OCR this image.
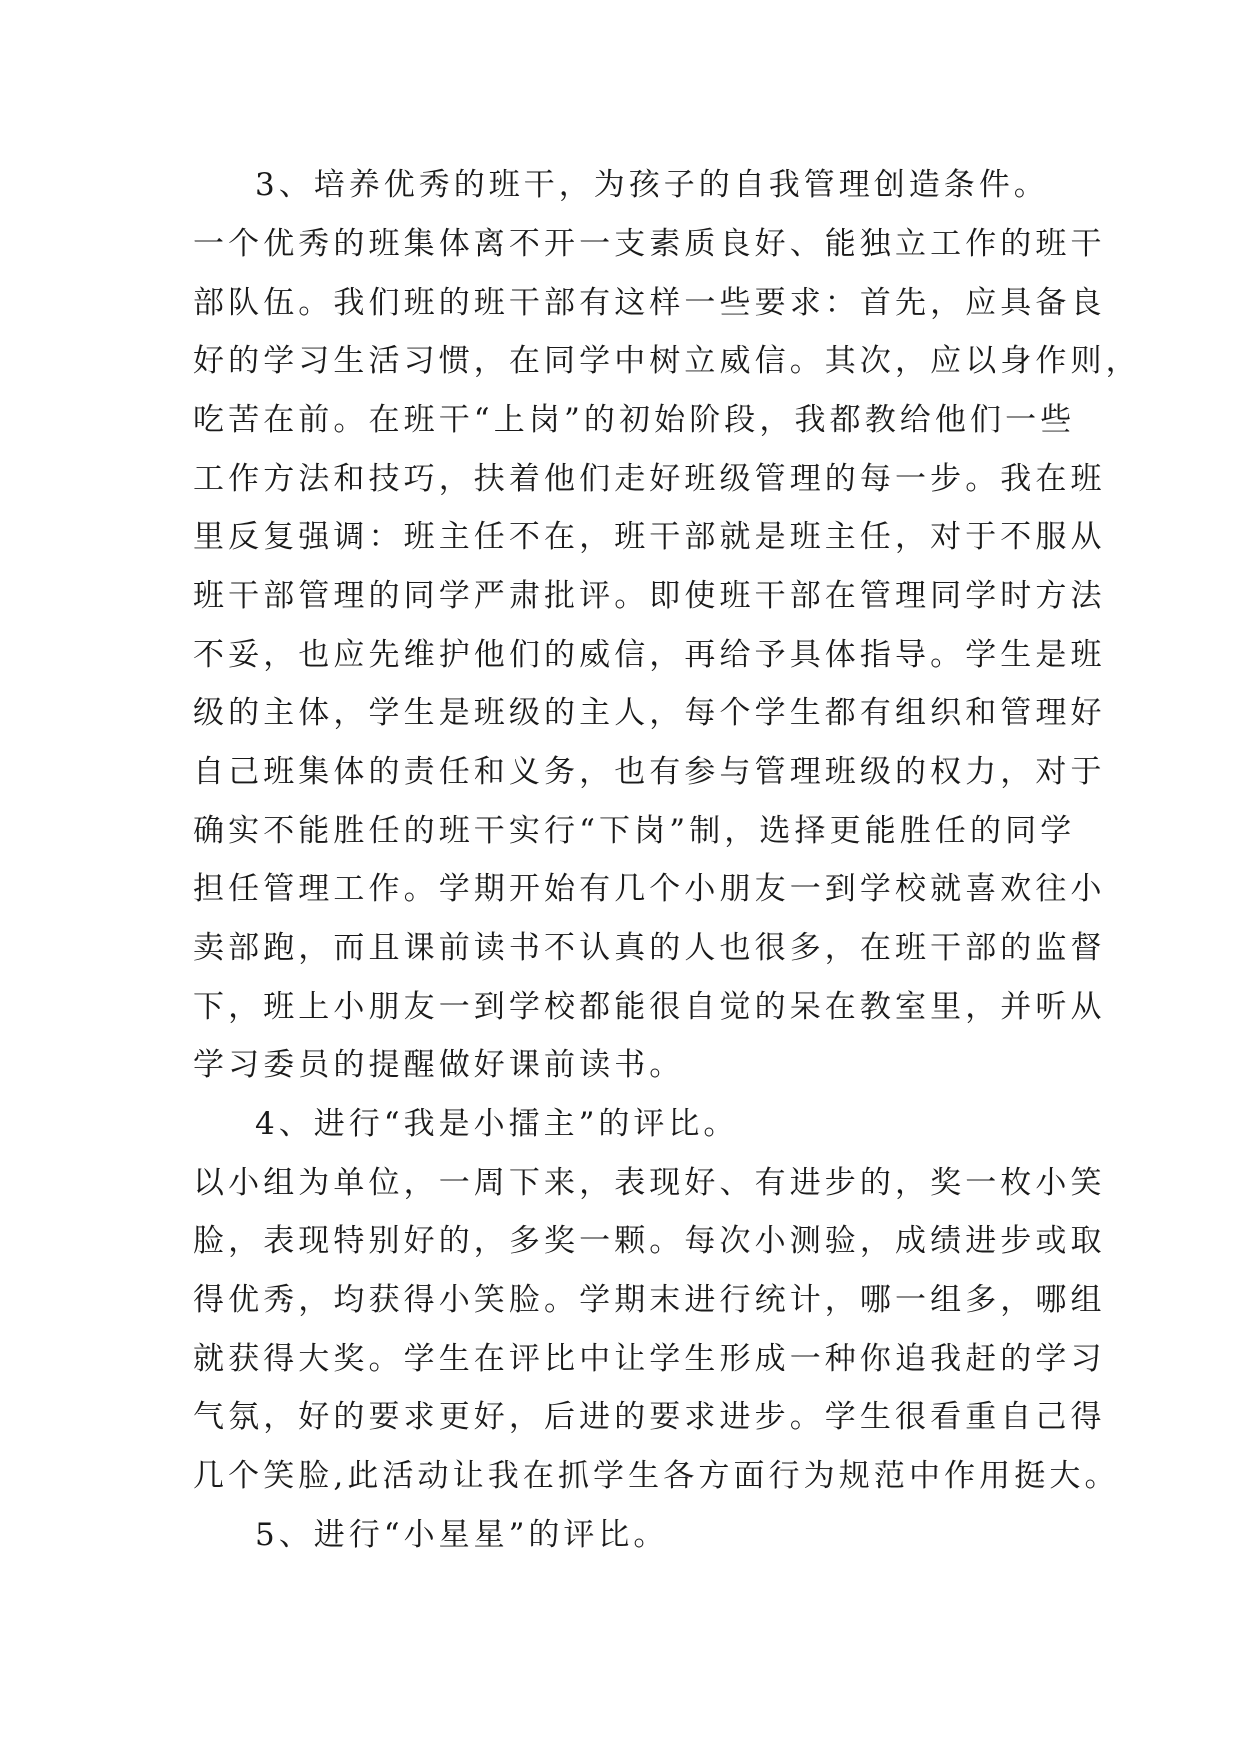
3、培养优秀的班干，为孩子的自我管理创造条件。

一个优秀的班集体离不开一支素质良好、能独立工作的班干

部队伍。我们班的班干部有这样一些要求：首先，应具备良

好的学习生活习惯，在同学中树立威信。其次，应以身作则，

吃苦在前。在班干“上岗”的初始阶段，我都教给他们一些

工作方法和技巧，扶着他们走好班级管理的每一步。我在班

里反复强调：班主任不在，班干部就是班主任，对于不服从

班干部管理的同学严肃批评。即使班干部在管理同学时方法

不妥，也应先维护他们的威信，再给予具体指导。学生是班

级的主体，学生是班级的主人，每个学生都有组织和管理好

自己班集体的责任和义务，也有参与管理班级的权力，对于

确实不能胜任的班干实行“下岗”制，选择更能胜任的同学

担任管理工作。学期开始有几个小朋友一到学校就喜欢往小

卖部跑，而且课前读书不认真的人也很多，在班干部的监督

下，班上小朋友一到学校都能很自觉的呆在教室里，并听从

学习委员的提醒做好课前读书。

4、进行“我是小擂主”的评比。

以小组为单位，一周下来，表现好、有进步的，奖一枚小笑

脸，表现特别好的，多奖一颗。每次小测验，成绩进步或取

得优秀，均获得小笑脸。学期末进行统计，哪一组多，哪组

就获得大奖。学生在评比中让学生形成一种你追我赶的学习

气氛，好的要求更好，后进的要求进步。学生很看重自己得

几个笑脸,此活动让我在抓学生各方面行为规范中作用挺大。

5、进行“小星星”的评比。
